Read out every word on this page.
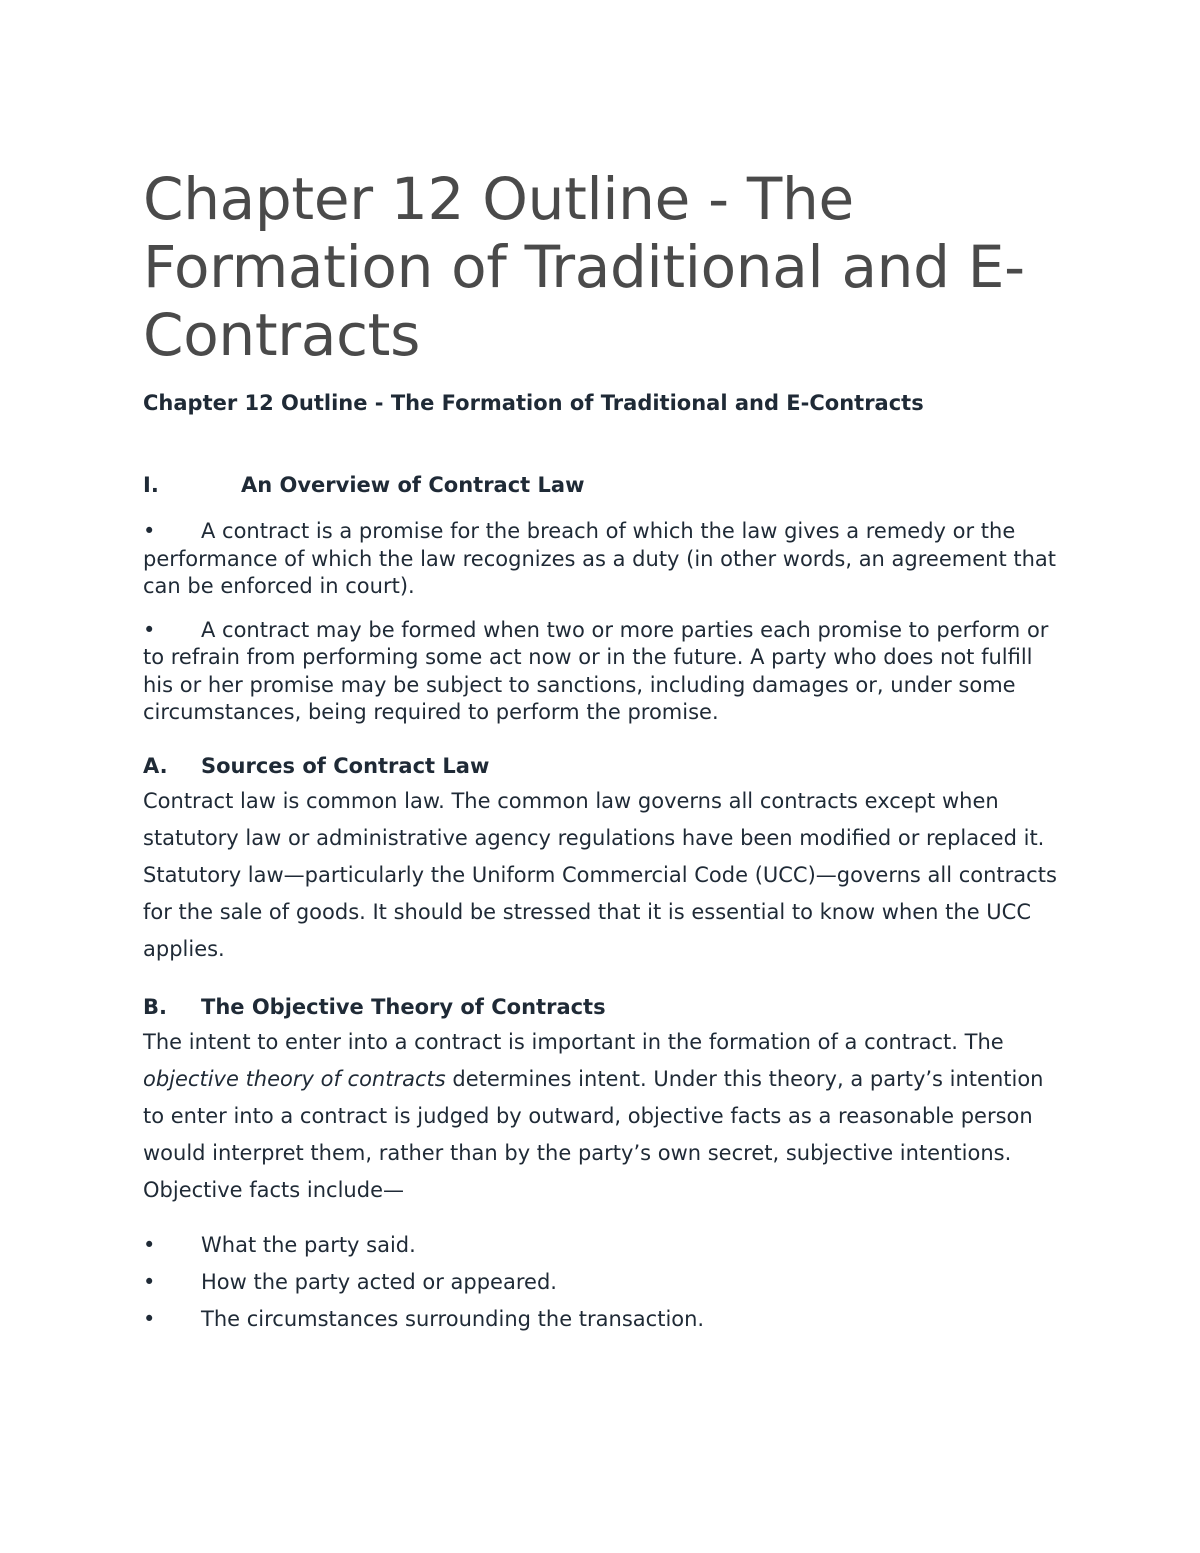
Chapter 12 Outline - The
Formation of Traditional and E-
Contracts

Chapter 12 Outline - The Formation of Traditional and E-Contracts

I.	An Overview of Contract Law

• A contract is a promise for the breach of which the law gives a remedy or the performance of which the law recognizes as a duty (in other words, an agreement that can be enforced in court).

• A contract may be formed when two or more parties each promise to perform or to refrain from performing some act now or in the future. A party who does not fulfill his or her promise may be subject to sanctions, including damages or, under some circumstances, being required to perform the promise.

A.	Sources of Contract Law

Contract law is common law. The common law governs all contracts except when statutory law or administrative agency regulations have been modified or replaced it. Statutory law—particularly the Uniform Commercial Code (UCC)—governs all contracts for the sale of goods. It should be stressed that it is essential to know when the UCC applies.

B.	The Objective Theory of Contracts

The intent to enter into a contract is important in the formation of a contract. The objective theory of contracts determines intent. Under this theory, a party’s intention to enter into a contract is judged by outward, objective facts as a reasonable person would interpret them, rather than by the party’s own secret, subjective intentions. Objective facts include—

•	What the party said.
•	How the party acted or appeared.
•	The circumstances surrounding the transaction.
